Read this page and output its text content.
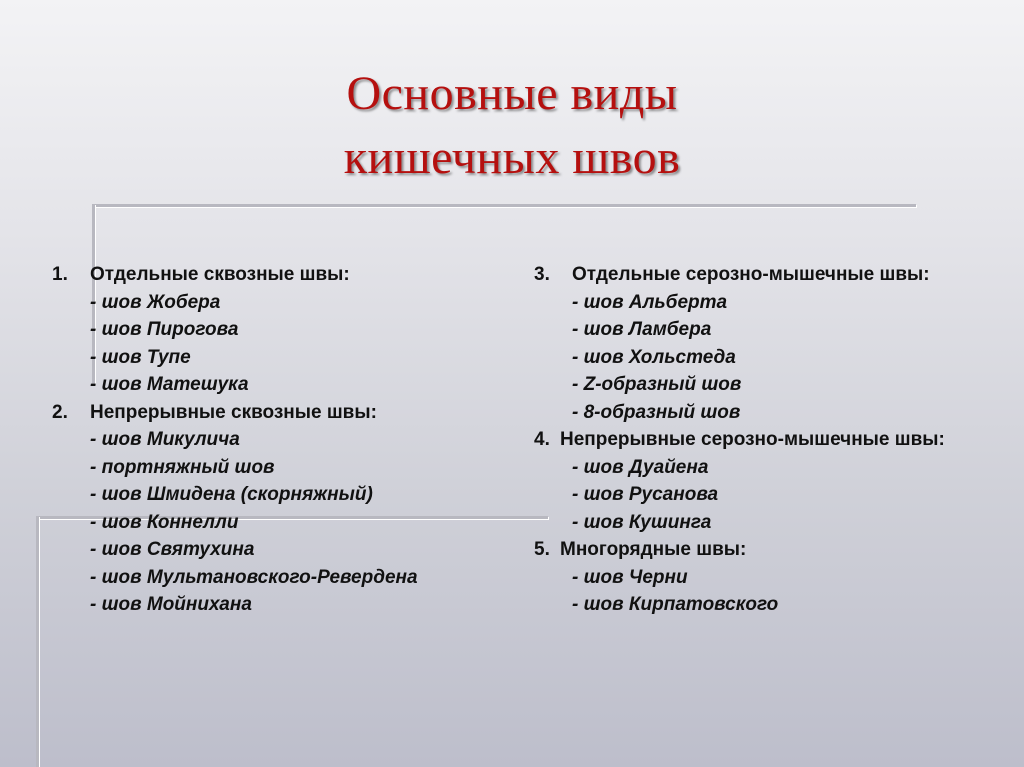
Основные виды
кишечных швов
1. Отдельные сквозные швы:
- шов Жобера
- шов Пирогова
- шов Тупе
- шов Матешука
2. Непрерывные сквозные швы:
- шов Микулича
- портняжный шов
- шов Шмидена (скорняжный)
- шов Коннелли
- шов Святухина
- шов Мультановского-Ревердена
- шов Мойнихана
3. Отдельные серозно-мышечные швы:
- шов Альберта
- шов Ламбера
- шов Хольстеда
- Z-образный шов
- 8-образный шов
4. Непрерывные серозно-мышечные швы:
- шов Дуайена
- шов Русанова
- шов Кушинга
5. Многорядные швы:
- шов Черни
- шов Кирпатовского
